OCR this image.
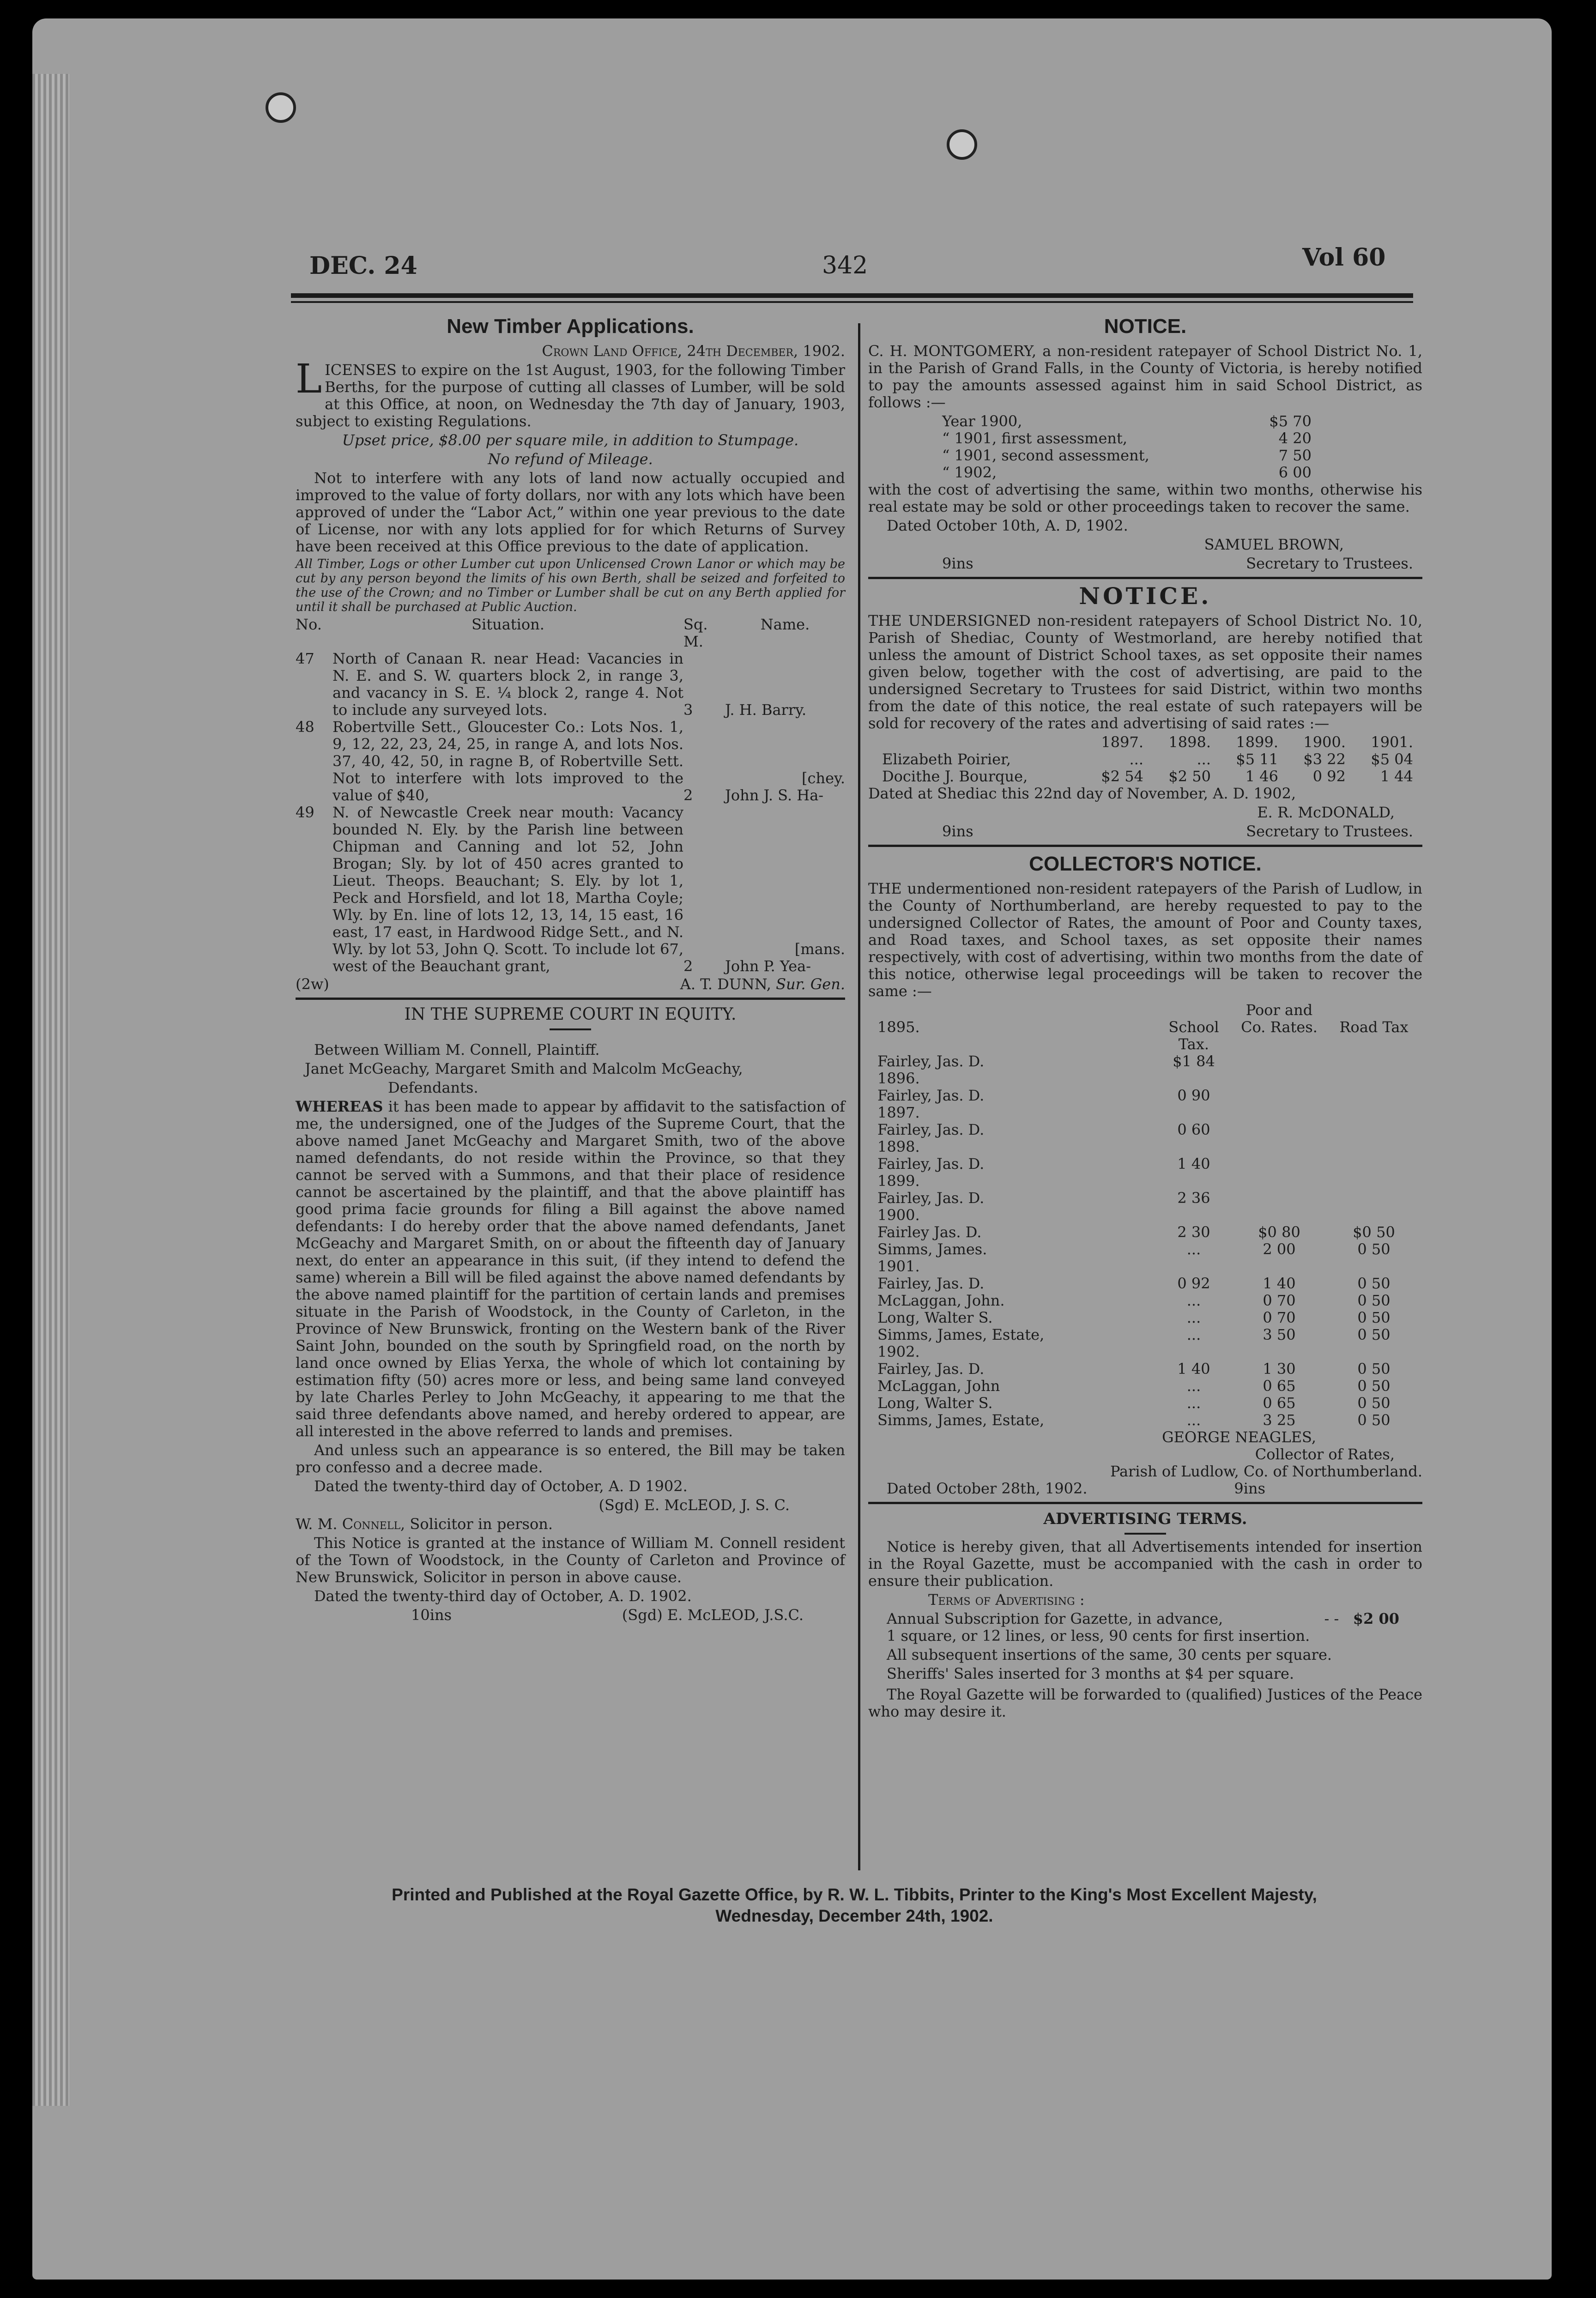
DEC. 24	342	Vol 60
New Timber Applications.

Crown Land Office, 24th December, 1902.

LICENSES to expire on the 1st August, 1903, for the following Timber Berths, for the purpose of cutting all classes of Lumber, will be sold at this Office, at noon, on Wednesday the 7th day of January, 1903, subject to existing Regulations.

Upset price, $8.00 per square mile, in addition to Stumpage.

No refund of Mileage.

Not to interfere with any lots of land now actually occupied and improved to the value of forty dollars, nor with any lots which have been approved of under the “Labor Act,” within one year previous to the date of License, nor with any lots applied for for which Returns of Survey have been received at this Office previous to the date of application.

All Timber, Logs or other Lumber cut upon Unlicensed Crown Lanor or which may be cut by any person beyond the limits of his own Berth, shall be seized and forfeited to the use of the Crown; and no Timber or Lumber shall be cut on any Berth applied for until it shall be purchased at Public Auction.

No.	Situation.	Sq. M.	Name.
47	North of Canaan R. near Head: Vacancies in N. E. and S. W. quarters block 2, in range 3, and vacancy in S. E. ¼ block 2, range 4. Not to include any surveyed lots.	3	J. H. Barry.
48	Robertville Sett., Gloucester Co.: Lots Nos. 1, 9, 12, 22, 23, 24, 25, in range A, and lots Nos. 37, 40, 42, 50, in ragne B, of Robertville Sett. Not to interfere with lots improved to the value of $40,	2	[chey.
John J. S. Ha-

49	N. of Newcastle Creek near mouth: Vacancy bounded N. Ely. by the Parish line between Chipman and Canning and lot 52, John Brogan; Sly. by lot of 450 acres granted to Lieut. Theops. Beauchant; S. Ely. by lot 1, Peck and Horsfield, and lot 18, Martha Coyle; Wly. by En. line of lots 12, 13, 14, 15 east, 16 east, 17 east, in Hardwood Ridge Sett., and N. Wly. by lot 53, John Q. Scott. To include lot 67, west of the Beauchant grant,	2	[mans.
John P. Yea-
(2w)	A. T. DUNN, Sur. Gen.
IN THE SUPREME COURT IN EQUITY.

Between William M. Connell, Plaintiff.

Janet McGeachy, Margaret Smith and Malcolm McGeachy,

Defendants.

WHEREAS it has been made to appear by affidavit to the satisfaction of me, the undersigned, one of the Judges of the Supreme Court, that the above named Janet McGeachy and Margaret Smith, two of the above named defendants, do not reside within the Province, so that they cannot be served with a Summons, and that their place of residence cannot be ascertained by the plaintiff, and that the above plaintiff has good prima facie grounds for filing a Bill against the above named defendants: I do hereby order that the above named defendants, Janet McGeachy and Margaret Smith, on or about the fifteenth day of January next, do enter an appearance in this suit, (if they intend to defend the same) wherein a Bill will be filed against the above named defendants by the above named plaintiff for the partition of certain lands and premises situate in the Parish of Woodstock, in the County of Carleton, in the Province of New Brunswick, fronting on the Western bank of the River Saint John, bounded on the south by Springfield road, on the north by land once owned by Elias Yerxa, the whole of which lot containing by estimation fifty (50) acres more or less, and being same land conveyed by late Charles Perley to John McGeachy, it appearing to me that the said three defendants above named, and hereby ordered to appear, are all interested in the above referred to lands and premises.

And unless such an appearance is so entered, the Bill may be taken pro confesso and a decree made.

Dated the twenty-third day of October, A. D 1902.

(Sgd) E. McLEOD, J. S. C.

W. M. Connell, Solicitor in person.

This Notice is granted at the instance of William M. Connell resident of the Town of Woodstock, in the County of Carleton and Province of New Brunswick, Solicitor in person in above cause.

Dated the twenty-third day of October, A. D. 1902.

10ins	(Sgd) E. McLEOD, J.S.C.
NOTICE.

C. H. MONTGOMERY, a non-resident ratepayer of School District No. 1, in the Parish of Grand Falls, in the County of Victoria, is hereby notified to pay the amounts assessed against him in said School District, as follows :—

Year 1900,	$5 70
“ 1901, first assessment,	4 20
“ 1901, second assessment,	7 50
“ 1902,	6 00

with the cost of advertising the same, within two months, otherwise his real estate may be sold or other proceedings taken to recover the same.

Dated October 10th, A. D, 1902.

SAMUEL BROWN,

9ins	Secretary to Trustees.
NOTICE.

THE UNDERSIGNED non-resident ratepayers of School District No. 10, Parish of Shediac, County of Westmorland, are hereby notified that unless the amount of District School taxes, as set opposite their names given below, together with the cost of advertising, are paid to the undersigned Secretary to Trustees for said District, within two months from the date of this notice, the real estate of such ratepayers will be sold for recovery of the rates and advertising of said rates :—

	1897.	1898.	1899.	1900.	1901.
Elizabeth Poirier,	...	...	$5 11	$3 22	$5 04
Docithe J. Bourque,	$2 54	$2 50	1 46	0 92	1 44

Dated at Shediac this 22nd day of November, A. D. 1902,

E. R. McDONALD,

9ins	Secretary to Trustees.
COLLECTOR'S NOTICE.

THE undermentioned non-resident ratepayers of the Parish of Ludlow, in the County of Northumberland, are hereby requested to pay to the undersigned Collector of Rates, the amount of Poor and County taxes, and Road taxes, and School taxes, as set opposite their names respectively, with cost of advertising, within two months from the date of this notice, otherwise legal proceedings will be taken to recover the same :—

		Poor and	
1895.	School Tax.	Co. Rates.	Road Tax
Fairley, Jas. D.	$1 84		
1896.			
Fairley, Jas. D.	0 90		
1897.			
Fairley, Jas. D.	0 60		
1898.			
Fairley, Jas. D.	1 40		
1899.			
Fairley, Jas. D.	2 36		
1900.			
Fairley Jas. D.	2 30	$0 80	$0 50
Simms, James.	...	2 00	0 50
1901.			
Fairley, Jas. D.	0 92	1 40	0 50
McLaggan, John.	...	0 70	0 50
Long, Walter S.	...	0 70	0 50
Simms, James, Estate,	...	3 50	0 50
1902.			
Fairley, Jas. D.	1 40	1 30	0 50
McLaggan, John	...	0 65	0 50
Long, Walter S.	...	0 65	0 50
Simms, James, Estate,	...	3 25	0 50
GEORGE NEAGLES,
Collector of Rates,
Parish of Ludlow, Co. of Northumberland.
Dated October 28th, 1902.	9ins
ADVERTISING TERMS.

Notice is hereby given, that all Advertisements intended for insertion in the Royal Gazette, must be accompanied with the cash in order to ensure their publication.

Terms of Advertising :

Annual Subscription for Gazette, in advance,	- - $2 00

1 square, or 12 lines, or less, 90 cents for first insertion.

All subsequent insertions of the same, 30 cents per square.

Sheriffs' Sales inserted for 3 months at $4 per square.

The Royal Gazette will be forwarded to (qualified) Justices of the Peace who may desire it.

Printed and Published at the Royal Gazette Office, by R. W. L. Tibbits, Printer to the King's Most Excellent Majesty,
Wednesday, December 24th, 1902.
